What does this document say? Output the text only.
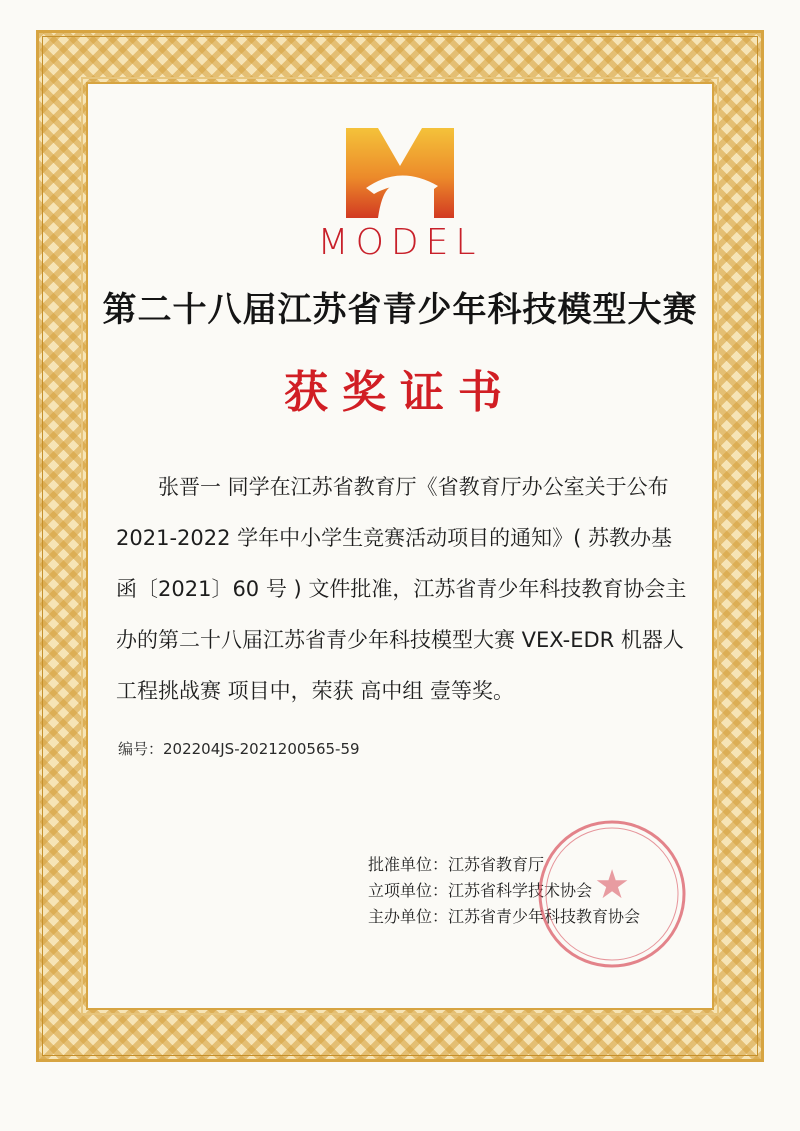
MODEL
第二十八届江苏省青少年科技模型大赛
获奖证书

张晋一 同学在江苏省教育厅《省教育厅办公室关于公布2021-2022 学年中小学生竞赛活动项目的通知》( 苏教办基函〔2021〕60 号 ) 文件批准，江苏省青少年科技教育协会主办的第二十八届江苏省青少年科技模型大赛 VEX-EDR 机器人工程挑战赛 项目中，荣获 高中组 壹等奖。

编号：202204JS-2021200565-59
批准单位：江苏省教育厅
立项单位：江苏省科学技术协会
主办单位：江苏省青少年科技教育协会
★
